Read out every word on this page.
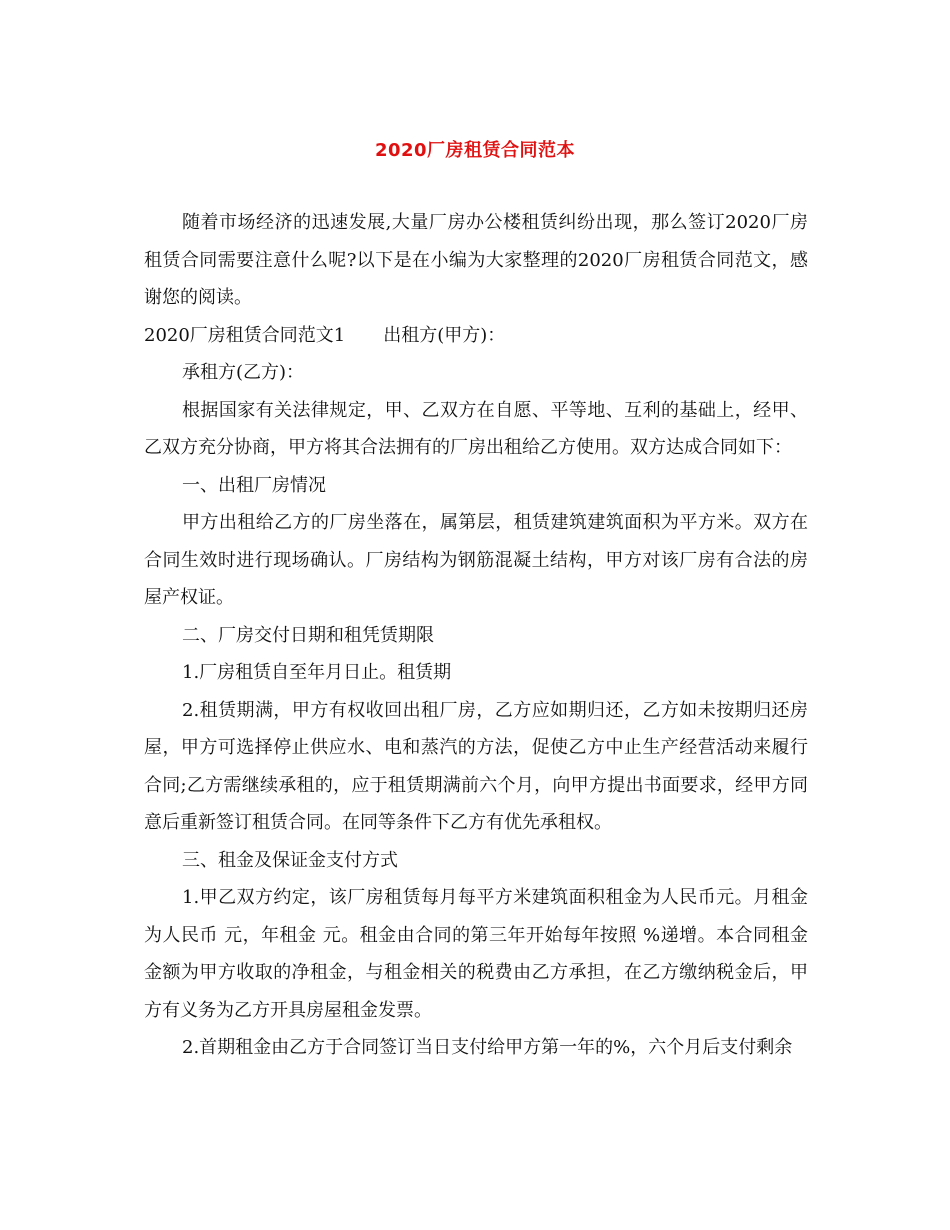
2020厂房租赁合同范本

随着市场经济的迅速发展,大量厂房办公楼租赁纠纷出现，那么签订2020厂房租赁合同需要注意什么呢?以下是在小编为大家整理的2020厂房租赁合同范文，感谢您的阅读。

2020厂房租赁合同范文1 出租方(甲方)：

承租方(乙方)：

根据国家有关法律规定，甲、乙双方在自愿、平等地、互利的基础上，经甲、乙双方充分协商，甲方将其合法拥有的厂房出租给乙方使用。双方达成合同如下：

一、出租厂房情况

甲方出租给乙方的厂房坐落在，属第层，租赁建筑建筑面积为平方米。双方在合同生效时进行现场确认。厂房结构为钢筋混凝土结构，甲方对该厂房有合法的房屋产权证。

二、厂房交付日期和租凭赁期限

1.厂房租赁自至年月日止。租赁期

2.租赁期满，甲方有权收回出租厂房，乙方应如期归还，乙方如未按期归还房屋，甲方可选择停止供应水、电和蒸汽的方法，促使乙方中止生产经营活动来履行合同;乙方需继续承租的，应于租赁期满前六个月，向甲方提出书面要求，经甲方同意后重新签订租赁合同。在同等条件下乙方有优先承租权。

三、租金及保证金支付方式

1.甲乙双方约定，该厂房租赁每月每平方米建筑面积租金为人民币元。月租金为人民币 元，年租金 元。租金由合同的第三年开始每年按照 %递增。本合同租金金额为甲方收取的净租金，与租金相关的税费由乙方承担，在乙方缴纳税金后，甲方有义务为乙方开具房屋租金发票。

2.首期租金由乙方于合同签订当日支付给甲方第一年的%，六个月后支付剩余
